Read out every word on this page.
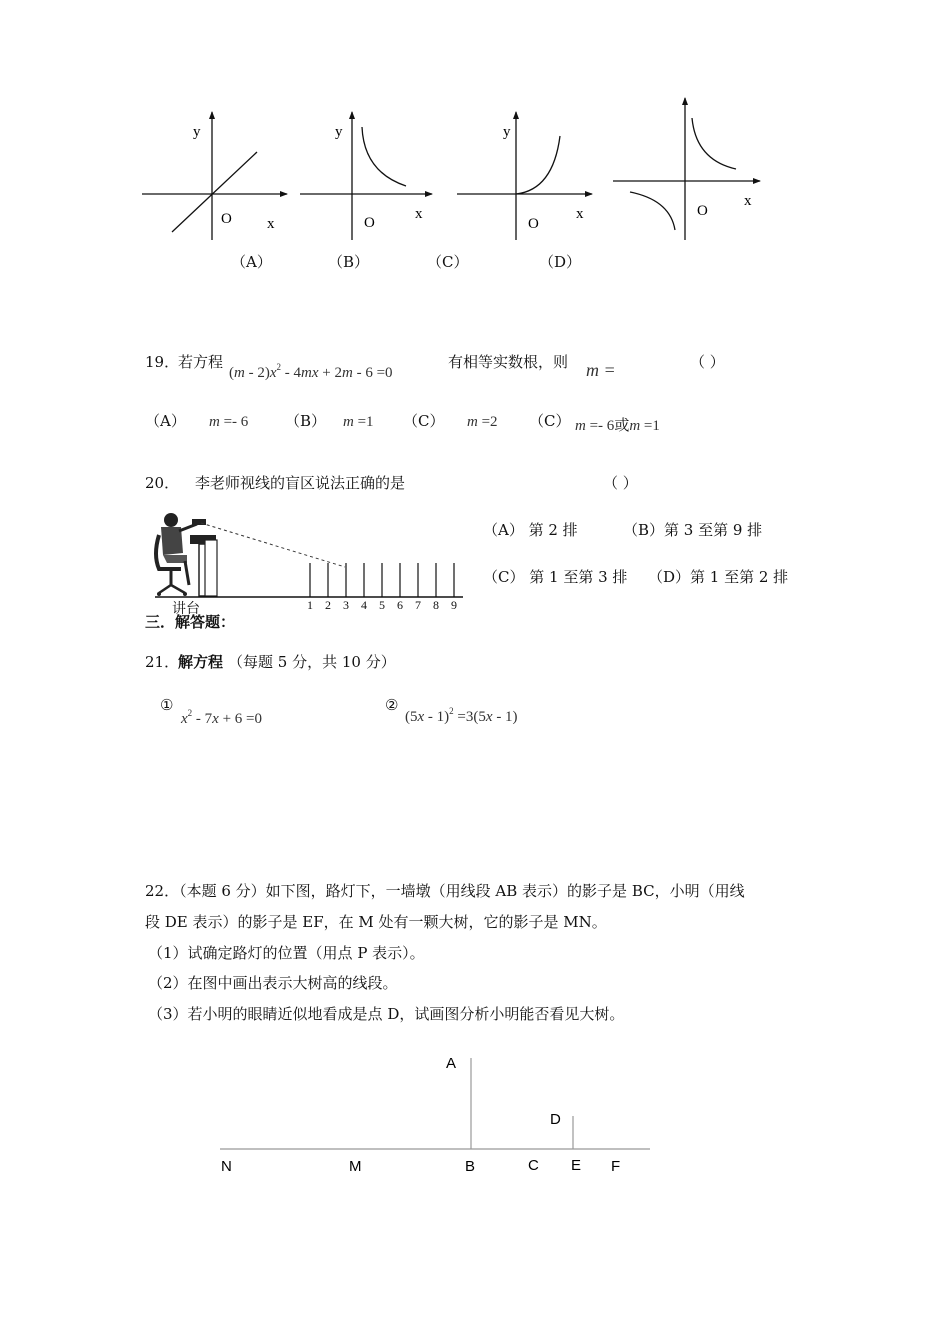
y
O x
y
O
x
y
O
x	O
x
（A）	（B）	（C）	（D）
19．
若方程
$(m - 2)x^2 - 4mx + 2m - 6 =0$
有相等实数根，则 m =	（ ）
（A） m =- 6 （B） m =1 （C） m =2 （C） m =- 6或m =1
20． 李老师视线的盲区说法正确的是	（ ）
1 2 3 4 5 6 7 8 9
讲台
（A） 第 2 排	（B）第 3 至第 9 排
（C） 第 1 至第 3 排 （D）第 1 至第 2 排
三．解答题：
21．
解方程 （每题 5 分，共 10 分）
①
$x^2 - 7x + 6 =0$
②
(5x - 1)$^2$ =3(5x - 1)
22．（本题 6 分）如下图，路灯下，一墙墩（用线段 AB 表示）的影子是 BC，小明（用线
段 DE 表示）的影子是 EF，在 M 处有一颗大树，它的影子是 MN。
（1）试确定路灯的位置（用点 P 表示）。
（2）在图中画出表示大树高的线段。
（3）若小明的眼睛近似地看成是点 D，试画图分析小明能否看见大树。
A
D
N	M	B	C E F
